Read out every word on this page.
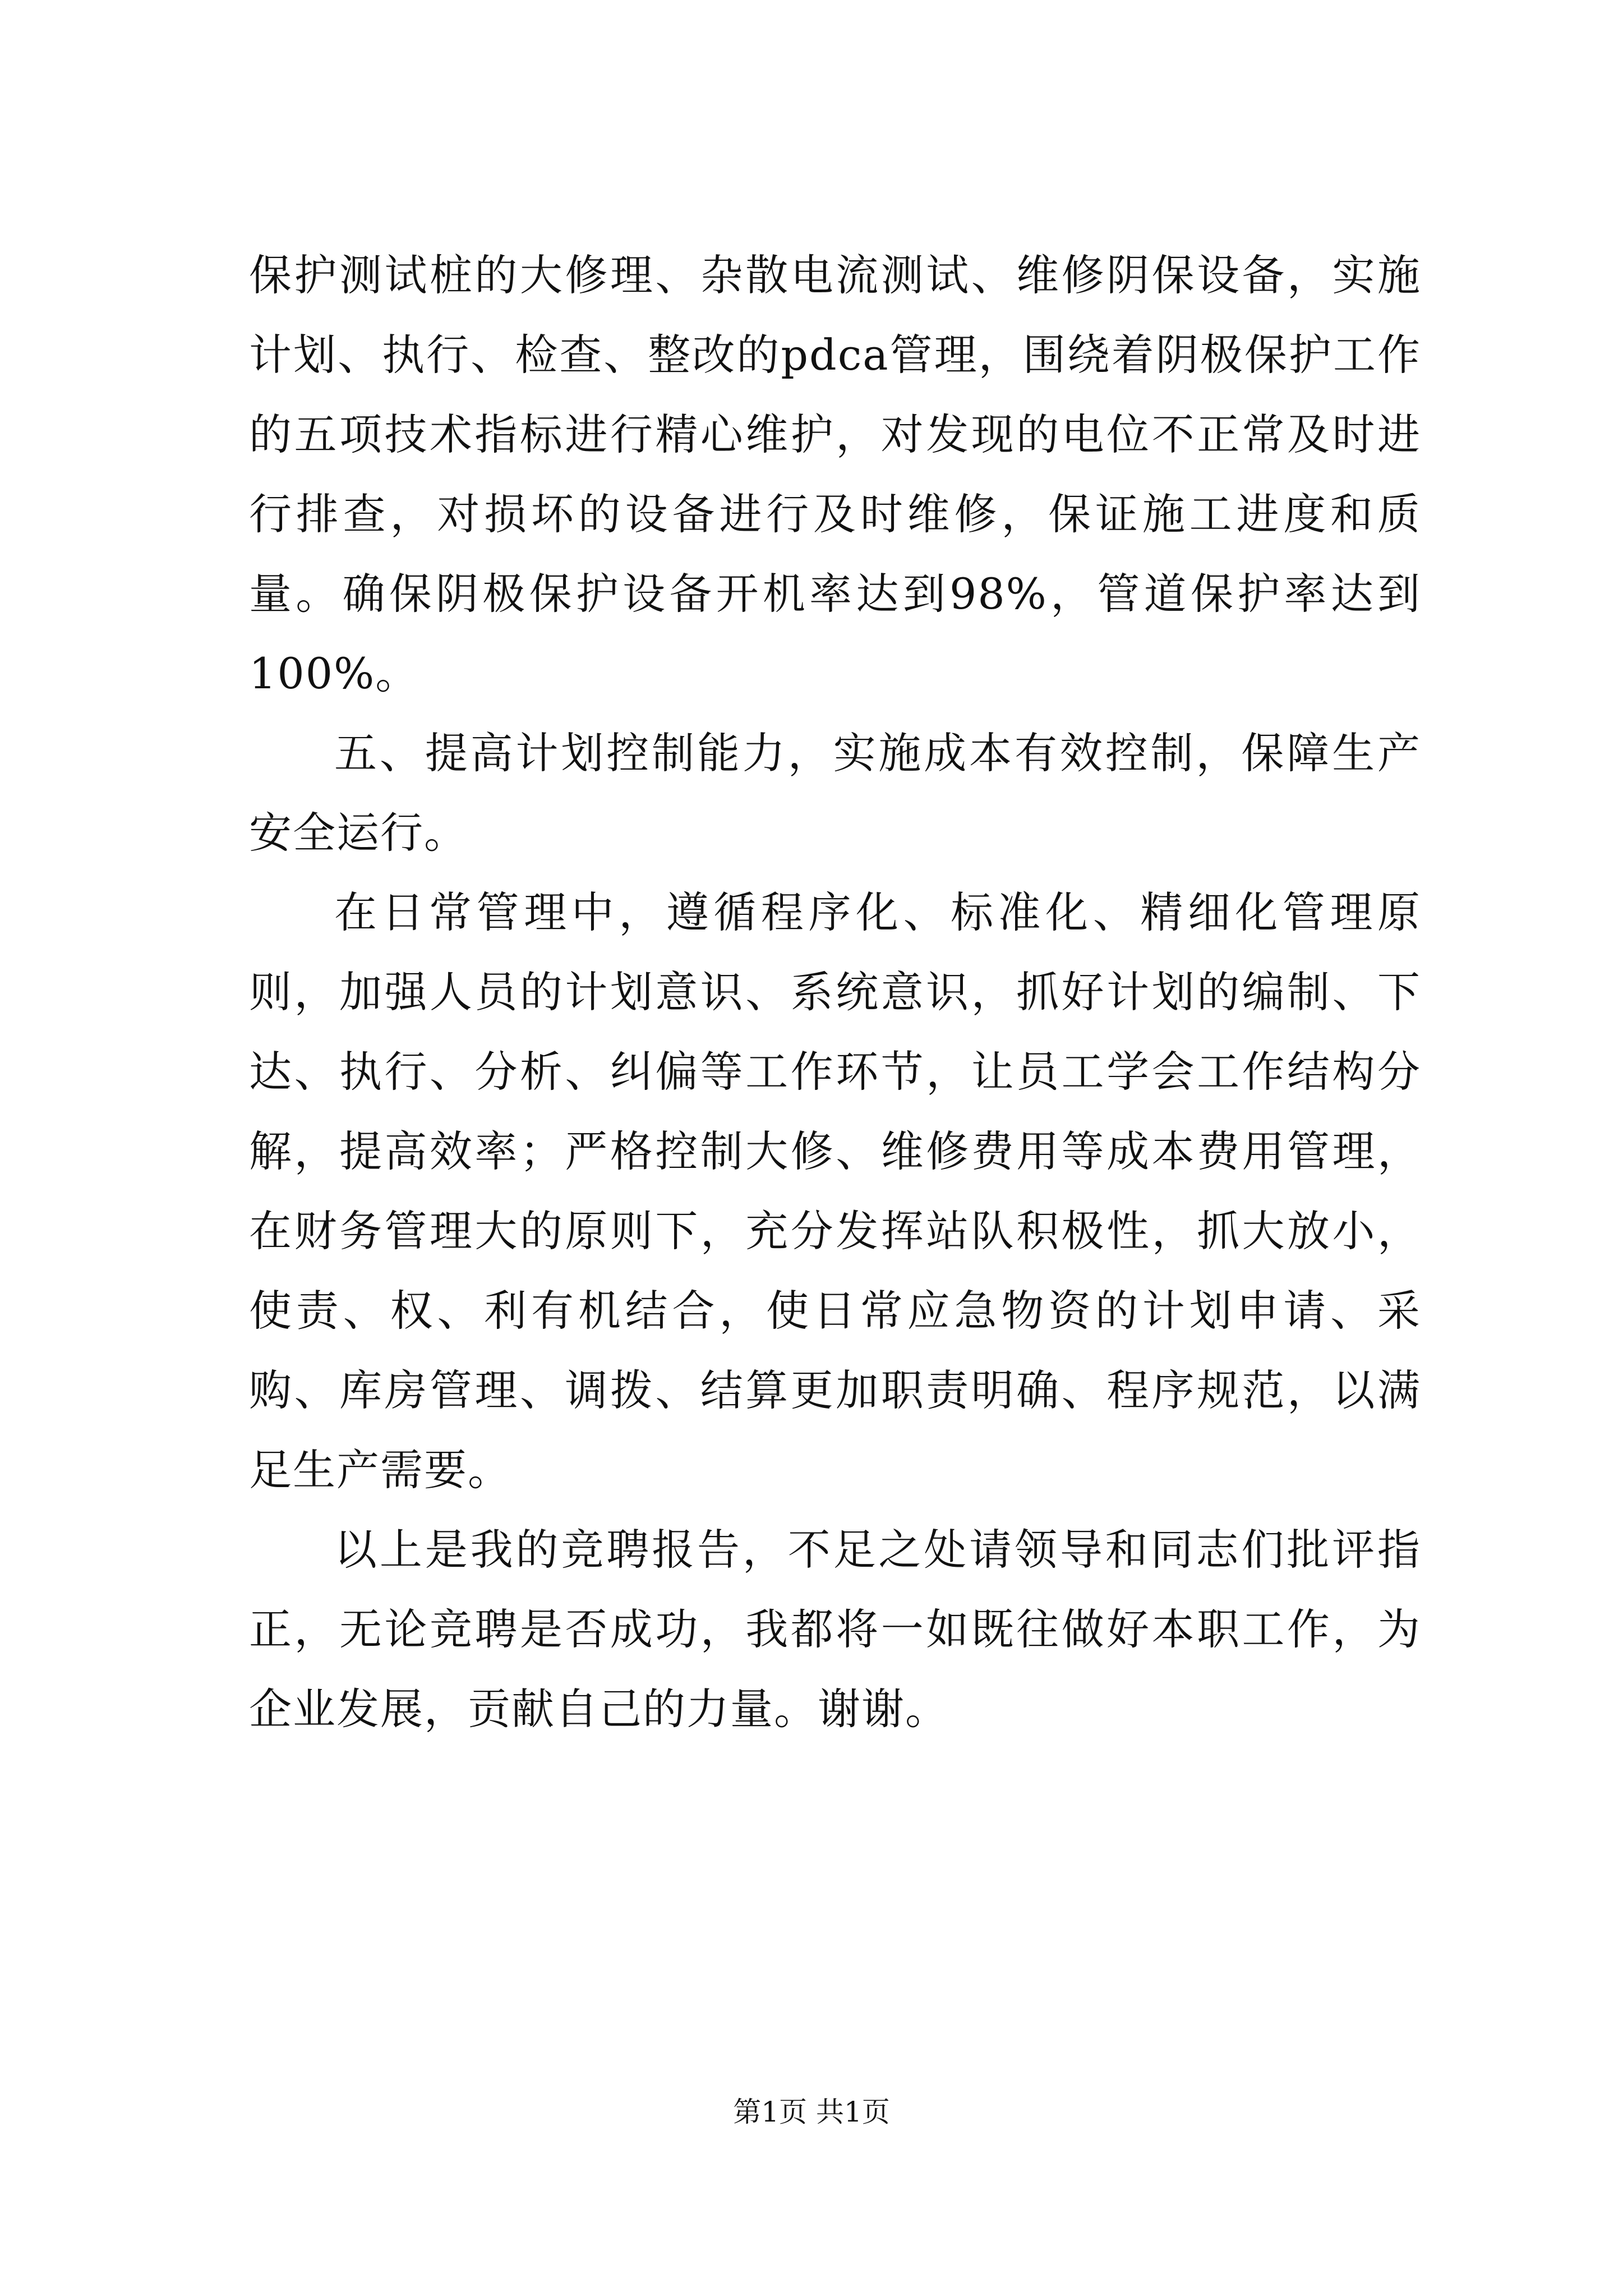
保护测试桩的大修理、杂散电流测试、维修阴保设备，实施计划、执行、检查、整改的pdca管理，围绕着阴极保护工作的五项技术指标进行精心维护，对发现的电位不正常及时进行排查，对损坏的设备进行及时维修，保证施工进度和质量。确保阴极保护设备开机率达到98%，管道保护率达到100%。

五、提高计划控制能力，实施成本有效控制，保障生产安全运行。

在日常管理中，遵循程序化、标准化、精细化管理原则，加强人员的计划意识、系统意识，抓好计划的编制、下达、执行、分析、纠偏等工作环节，让员工学会工作结构分解，提高效率；严格控制大修、维修费用等成本费用管理，在财务管理大的原则下，充分发挥站队积极性，抓大放小，使责、权、利有机结合，使日常应急物资的计划申请、采购、库房管理、调拨、结算更加职责明确、程序规范，以满足生产需要。

以上是我的竞聘报告，不足之处请领导和同志们批评指正，无论竞聘是否成功，我都将一如既往做好本职工作，为企业发展，贡献自己的力量。谢谢。

第1页 共1页
